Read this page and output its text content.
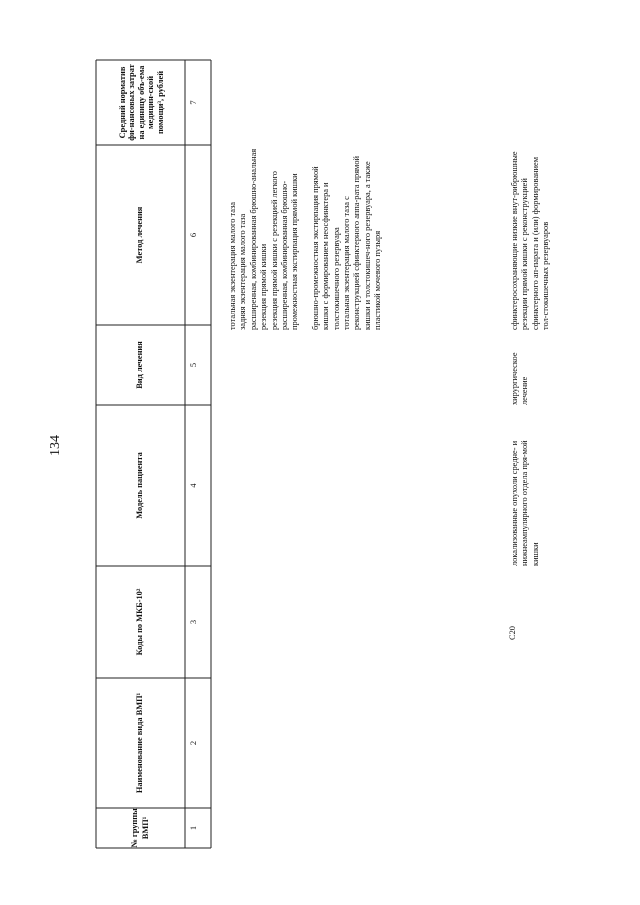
134
№ группы ВМП¹
Наименование вида ВМП¹
Коды по МКБ-10²
Модель пациента
Вид лечения
Метод лечения
Средний норматив фи-нансовых затрат на единицу объ-ема медицин-ской помощи³, рублей
1
2
3
4
5
6
7
тотальная экзентерация малого таза задняя экзентерация малого таза расширенная, комбинированная брюшно-анальная резекция прямой кишки резекция прямой кишки с резекцией легкого расширенная, комбинированная брюшно-промежностная экстирпация прямой кишки брюшно-промежностная экстирпация прямой кишки с формированием неосфинктера и толстокишечного резервуара тотальная экзентерация малого таза с реконструкцией сфинктерного аппа-рата прямой кишки и толстокишеч-ного резервуара, а также пластикой мочевого пузыря
C20
локализованные опухоли средне- и нижнеампулярного отдела пря-мой кишки
хирургическое лечение
сфинктеросохраняющие низкие внут-рибрюшные резекции прямой кишки с реконструкцией сфинктерного ап-парата и (или) формированием тол-стокишечных резервуаров
